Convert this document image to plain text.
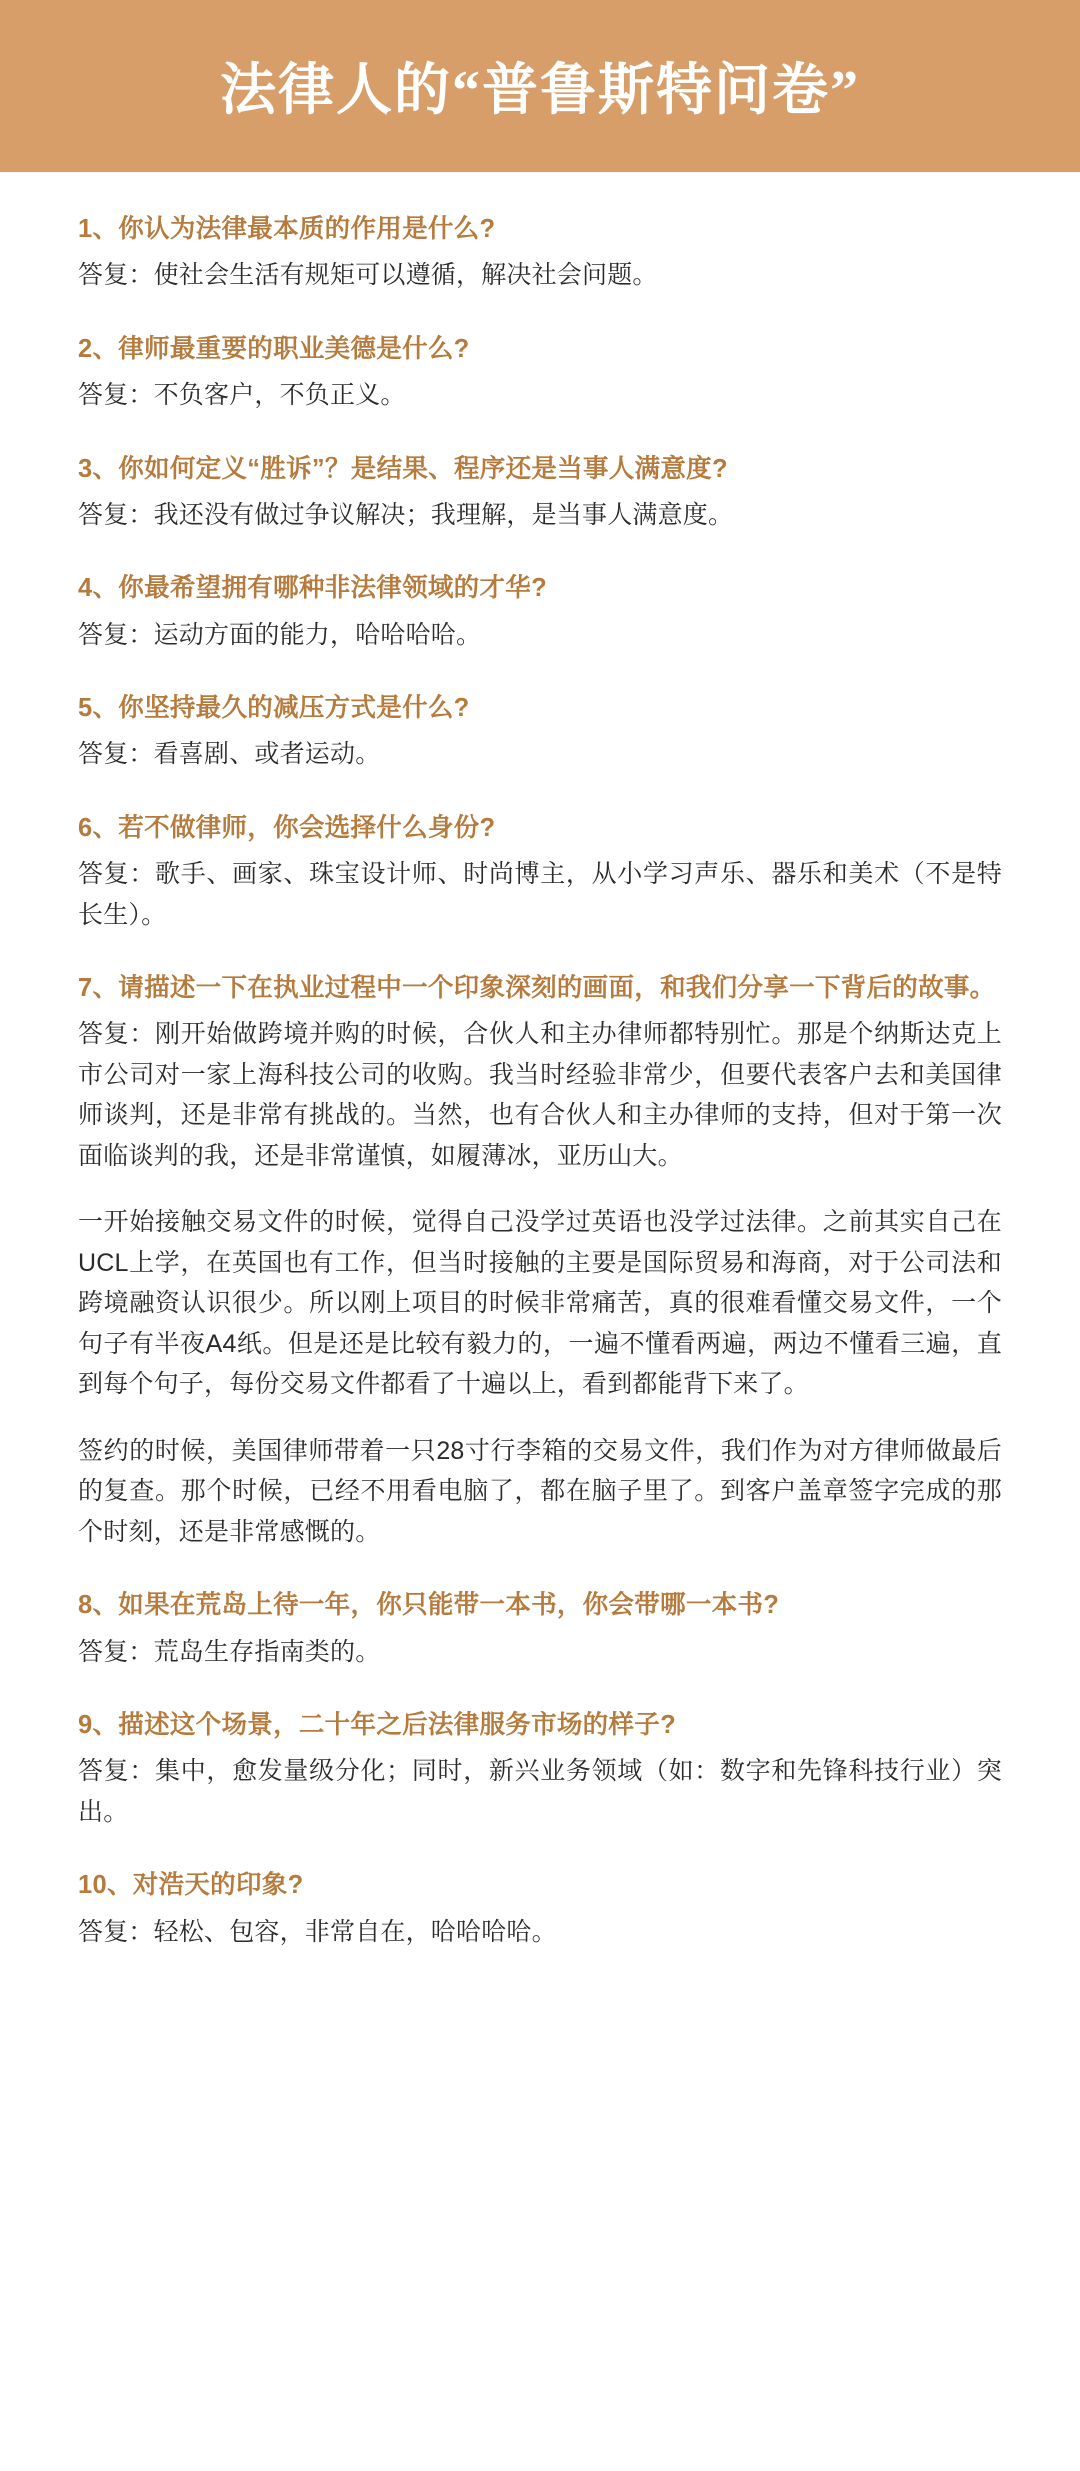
法律人的“普鲁斯特问卷”
1、你认为法律最本质的作用是什么?
答复：使社会生活有规矩可以遵循，解决社会问题。
2、律师最重要的职业美德是什么?
答复：不负客户，不负正义。
3、你如何定义“胜诉”？是结果、程序还是当事人满意度?
答复：我还没有做过争议解决；我理解，是当事人满意度。
4、你最希望拥有哪种非法律领域的才华?
答复：运动方面的能力，哈哈哈哈。
5、你坚持最久的减压方式是什么?
答复：看喜剧、或者运动。
6、若不做律师，你会选择什么身份?
答复：歌手、画家、珠宝设计师、时尚博主，从小学习声乐、器乐和美术（不是特长生）。
7、请描述一下在执业过程中一个印象深刻的画面，和我们分享一下背后的故事。
答复：刚开始做跨境并购的时候，合伙人和主办律师都特别忙。那是个纳斯达克上市公司对一家上海科技公司的收购。我当时经验非常少，但要代表客户去和美国律师谈判，还是非常有挑战的。当然，也有合伙人和主办律师的支持，但对于第一次面临谈判的我，还是非常谨慎，如履薄冰，亚历山大。
一开始接触交易文件的时候，觉得自己没学过英语也没学过法律。之前其实自己在UCL上学，在英国也有工作，但当时接触的主要是国际贸易和海商，对于公司法和跨境融资认识很少。所以刚上项目的时候非常痛苦，真的很难看懂交易文件，一个句子有半夜A4纸。但是还是比较有毅力的，一遍不懂看两遍，两边不懂看三遍，直到每个句子，每份交易文件都看了十遍以上，看到都能背下来了。
签约的时候，美国律师带着一只28寸行李箱的交易文件，我们作为对方律师做最后的复查。那个时候，已经不用看电脑了，都在脑子里了。到客户盖章签字完成的那个时刻，还是非常感慨的。
8、如果在荒岛上待一年，你只能带一本书，你会带哪一本书?
答复：荒岛生存指南类的。
9、描述这个场景，二十年之后法律服务市场的样子?
答复：集中，愈发量级分化；同时，新兴业务领域（如：数字和先锋科技行业）突出。
10、对浩天的印象?
答复：轻松、包容，非常自在，哈哈哈哈。
